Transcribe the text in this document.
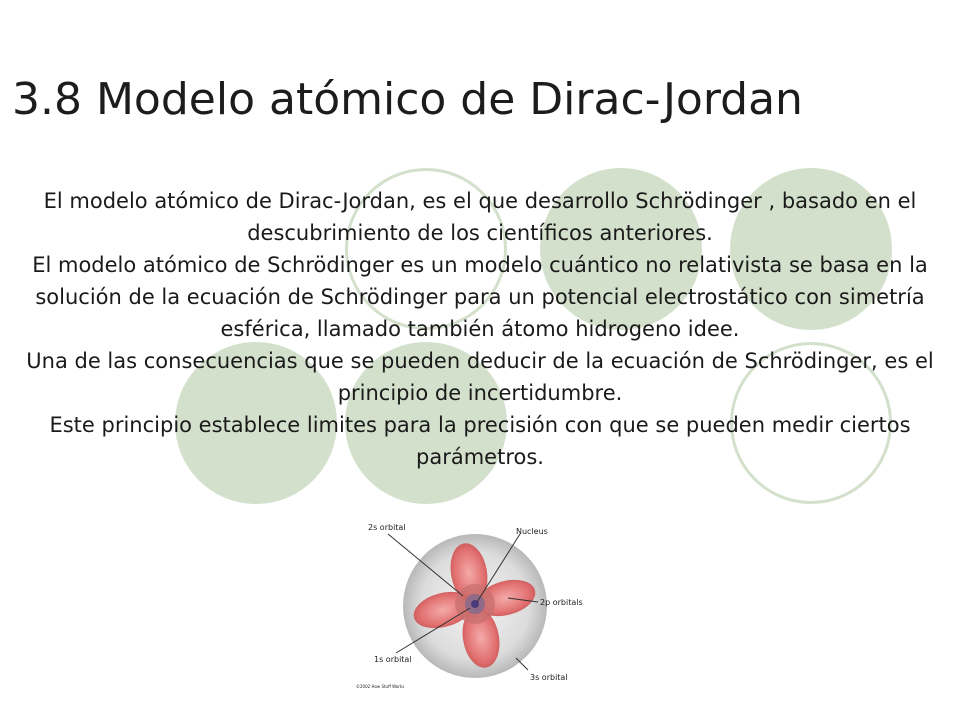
3.8 Modelo atómico de Dirac-Jordan

El modelo atómico de Dirac-Jordan, es el que desarrollo Schrödinger , basado en el descubrimiento de los científicos anteriores.

El modelo atómico de Schrödinger es un modelo cuántico no relativista se basa en la solución de la ecuación de Schrödinger para un potencial electrostático con simetría esférica, llamado también átomo hidrogeno idee.

Una de las consecuencias que se pueden deducir de la ecuación de Schrödinger, es el principio de incertidumbre.

Este principio establece limites para la precisión con que se pueden medir ciertos parámetros.

2s orbital	Nucleus
2p orbitals
1s orbital
3s orbital
©2002 How Stuff Works
